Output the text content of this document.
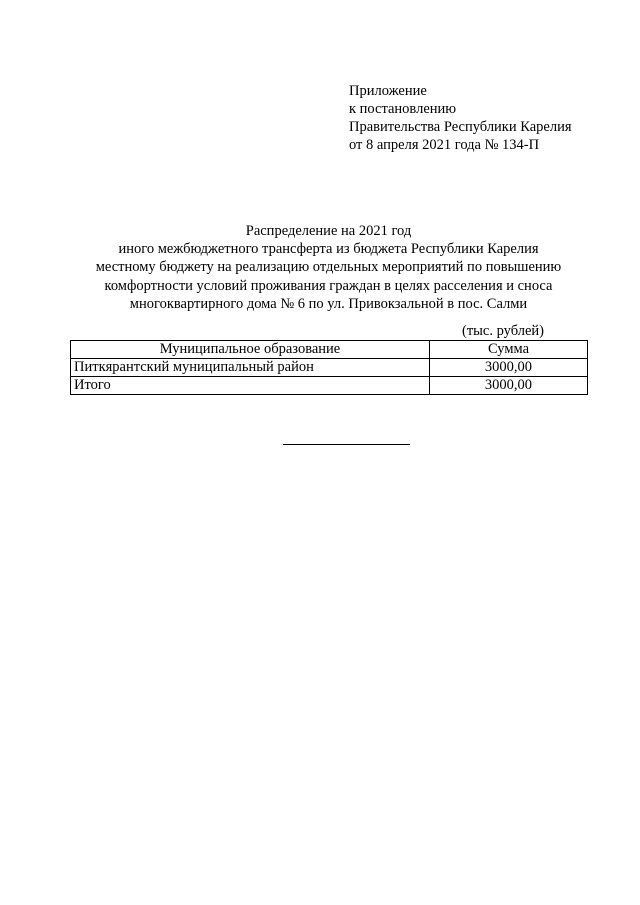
Приложение
к постановлению
Правительства Республики Карелия
от 8 апреля 2021 года № 134-П
Распределение на 2021 год
иного межбюджетного трансферта из бюджета Республики Карелия
местному бюджету на реализацию отдельных мероприятий по повышению
комфортности условий проживания граждан в целях расселения и сноса
многоквартирного дома № 6 по ул. Привокзальной в пос. Салми
(тыс. рублей)
Муниципальное образование	Сумма
Питкярантский муниципальный район	3000,00
Итого	3000,00
